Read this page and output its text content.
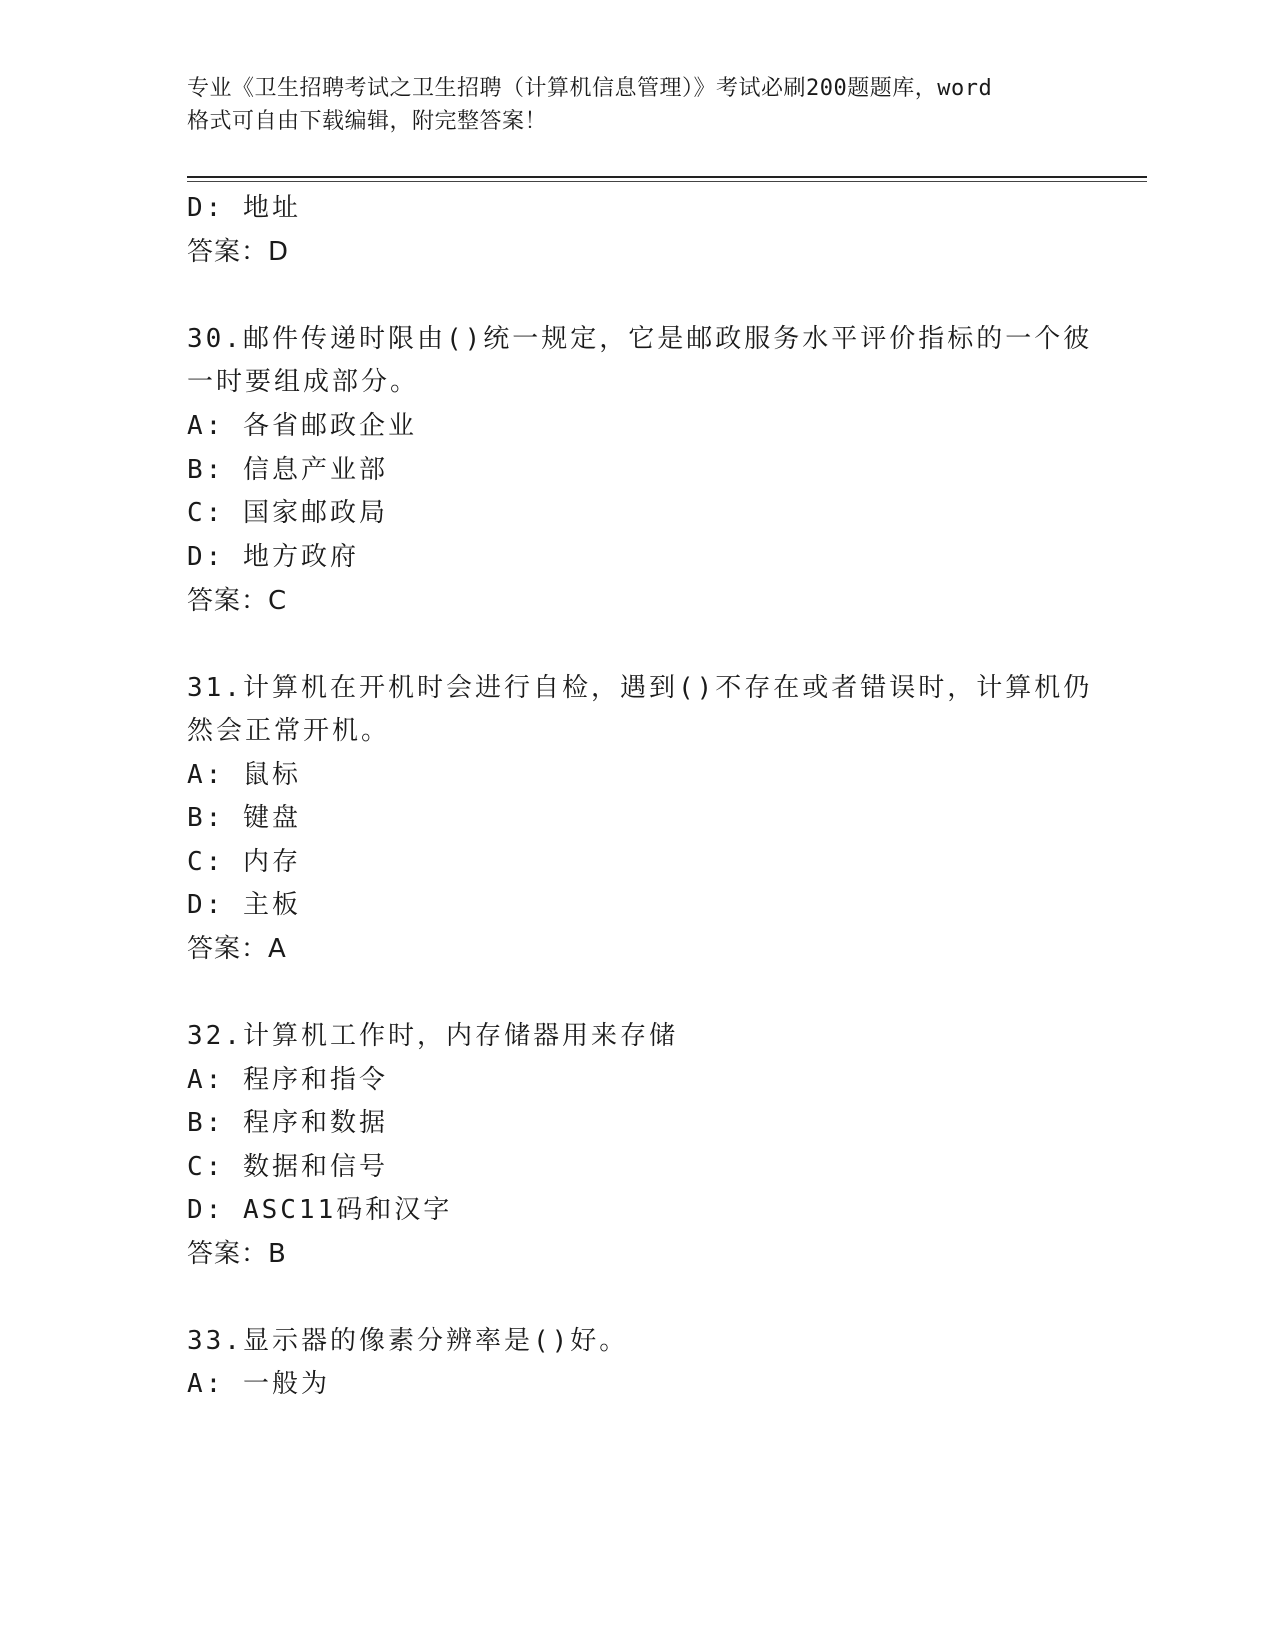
专业《卫生招聘考试之卫生招聘（计算机信息管理）》考试必刷200题题库，word
格式可自由下载编辑，附完整答案！
D: 地址
答案：D
30.邮件传递时限由()统一规定，它是邮政服务水平评价指标的一个彼
一时要组成部分。
A: 各省邮政企业
B: 信息产业部
C: 国家邮政局
D: 地方政府
答案：C
31.计算机在开机时会进行自检，遇到()不存在或者错误时，计算机仍
然会正常开机。
A: 鼠标
B: 键盘
C: 内存
D: 主板
答案：A
32.计算机工作时，内存储器用来存储
A: 程序和指令
B: 程序和数据
C: 数据和信号
D: ASC11码和汉字
答案：B
33.显示器的像素分辨率是()好。
A: 一般为
